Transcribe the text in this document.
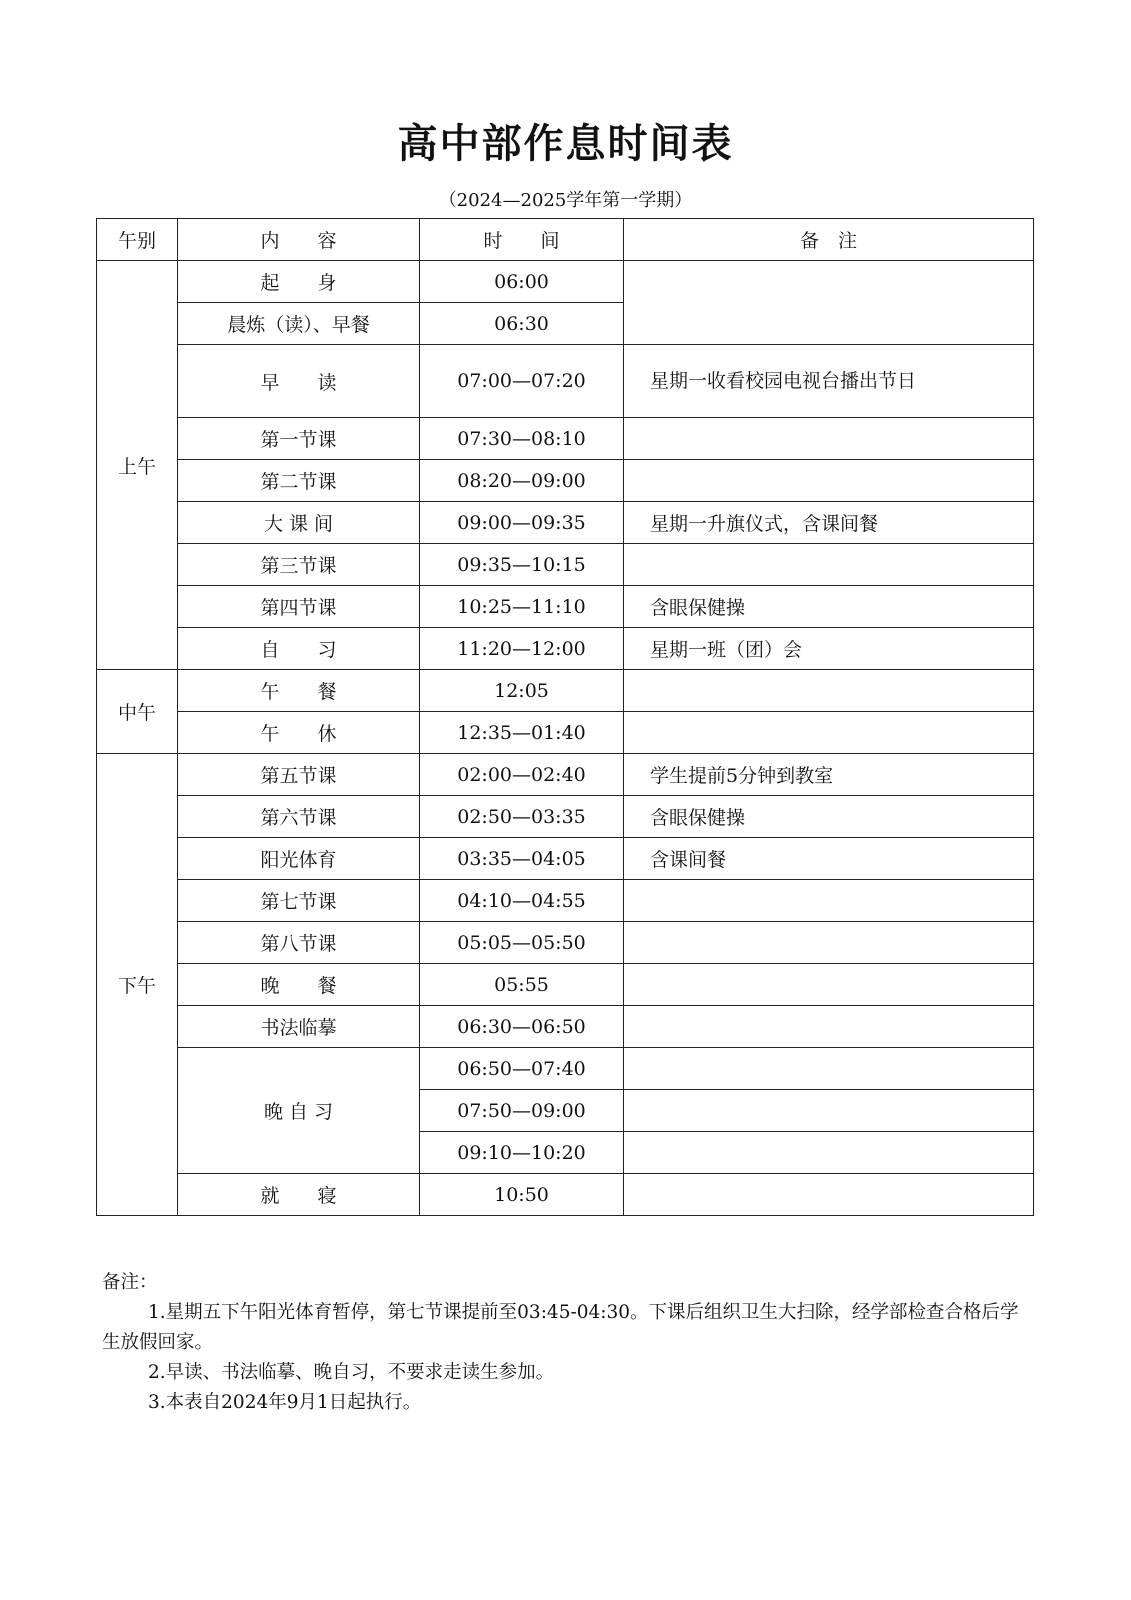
高中部作息时间表
（2024—2025学年第一学期）
午别	内　　容	时　　间	备　注
上午	起　　身	06:00	
	晨炼（读）、早餐	06:30	
	早　　读	07:00—07:20	星期一收看校园电视台播出节日
	第一节课	07:30—08:10	
	第二节课	08:20—09:00	
	大 课 间	09:00—09:35	星期一升旗仪式，含课间餐
	第三节课	09:35—10:15	
	第四节课	10:25—11:10	含眼保健操
	自　　习	11:20—12:00	星期一班（团）会
中午	午　　餐	12:05	
	午　　休	12:35—01:40	
下午	第五节课	02:00—02:40	学生提前5分钟到教室
	第六节课	02:50—03:35	含眼保健操
	阳光体育	03:35—04:05	含课间餐
	第七节课	04:10—04:55	
	第八节课	05:05—05:50	
	晚　　餐	05:55	
	书法临摹	06:30—06:50	
	晚 自 习	06:50—07:40	
		07:50—09:00	
		09:10—10:20	
	就　　寝	10:50	

备注：

1.星期五下午阳光体育暂停，第七节课提前至03:45-04:30。下课后组织卫生大扫除，经学部检查合格后学生放假回家。

2.早读、书法临摹、晚自习，不要求走读生参加。

3.本表自2024年9月1日起执行。
